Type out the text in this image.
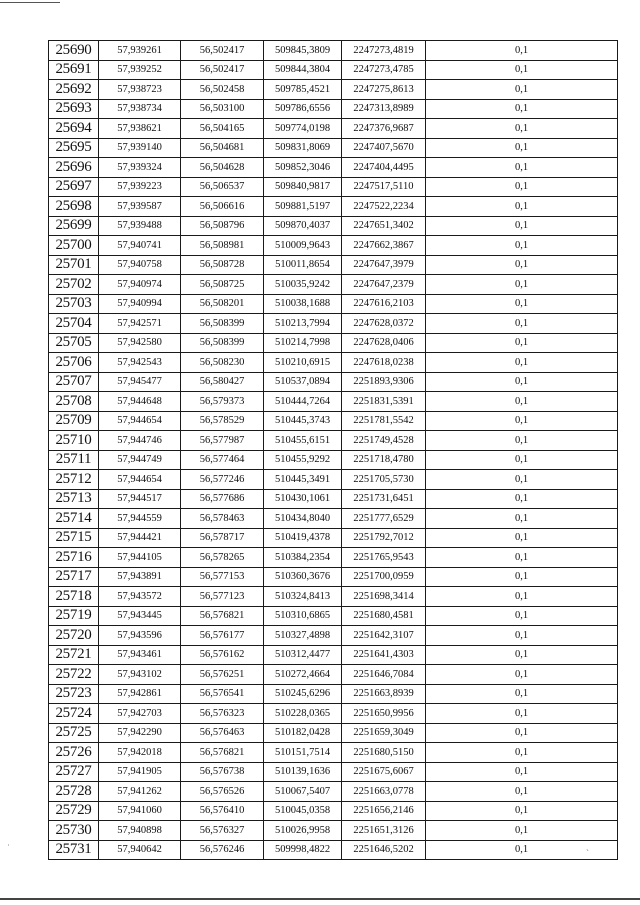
25690	57,939261	56,502417	509845,3809	2247273,4819	0,1
25691	57,939252	56,502417	509844,3804	2247273,4785	0,1
25692	57,938723	56,502458	509785,4521	2247275,8613	0,1
25693	57,938734	56,503100	509786,6556	2247313,8989	0,1
25694	57,938621	56,504165	509774,0198	2247376,9687	0,1
25695	57,939140	56,504681	509831,8069	2247407,5670	0,1
25696	57,939324	56,504628	509852,3046	2247404,4495	0,1
25697	57,939223	56,506537	509840,9817	2247517,5110	0,1
25698	57,939587	56,506616	509881,5197	2247522,2234	0,1
25699	57,939488	56,508796	509870,4037	2247651,3402	0,1
25700	57,940741	56,508981	510009,9643	2247662,3867	0,1
25701	57,940758	56,508728	510011,8654	2247647,3979	0,1
25702	57,940974	56,508725	510035,9242	2247647,2379	0,1
25703	57,940994	56,508201	510038,1688	2247616,2103	0,1
25704	57,942571	56,508399	510213,7994	2247628,0372	0,1
25705	57,942580	56,508399	510214,7998	2247628,0406	0,1
25706	57,942543	56,508230	510210,6915	2247618,0238	0,1
25707	57,945477	56,580427	510537,0894	2251893,9306	0,1
25708	57,944648	56,579373	510444,7264	2251831,5391	0,1
25709	57,944654	56,578529	510445,3743	2251781,5542	0,1
25710	57,944746	56,577987	510455,6151	2251749,4528	0,1
25711	57,944749	56,577464	510455,9292	2251718,4780	0,1
25712	57,944654	56,577246	510445,3491	2251705,5730	0,1
25713	57,944517	56,577686	510430,1061	2251731,6451	0,1
25714	57,944559	56,578463	510434,8040	2251777,6529	0,1
25715	57,944421	56,578717	510419,4378	2251792,7012	0,1
25716	57,944105	56,578265	510384,2354	2251765,9543	0,1
25717	57,943891	56,577153	510360,3676	2251700,0959	0,1
25718	57,943572	56,577123	510324,8413	2251698,3414	0,1
25719	57,943445	56,576821	510310,6865	2251680,4581	0,1
25720	57,943596	56,576177	510327,4898	2251642,3107	0,1
25721	57,943461	56,576162	510312,4477	2251641,4303	0,1
25722	57,943102	56,576251	510272,4664	2251646,7084	0,1
25723	57,942861	56,576541	510245,6296	2251663,8939	0,1
25724	57,942703	56,576323	510228,0365	2251650,9956	0,1
25725	57,942290	56,576463	510182,0428	2251659,3049	0,1
25726	57,942018	56,576821	510151,7514	2251680,5150	0,1
25727	57,941905	56,576738	510139,1636	2251675,6067	0,1
25728	57,941262	56,576526	510067,5407	2251663,0778	0,1
25729	57,941060	56,576410	510045,0358	2251656,2146	0,1
25730	57,940898	56,576327	510026,9958	2251651,3126	0,1
25731	57,940642	56,576246	509998,4822	2251646,5202	0,1
˙	ˎ
